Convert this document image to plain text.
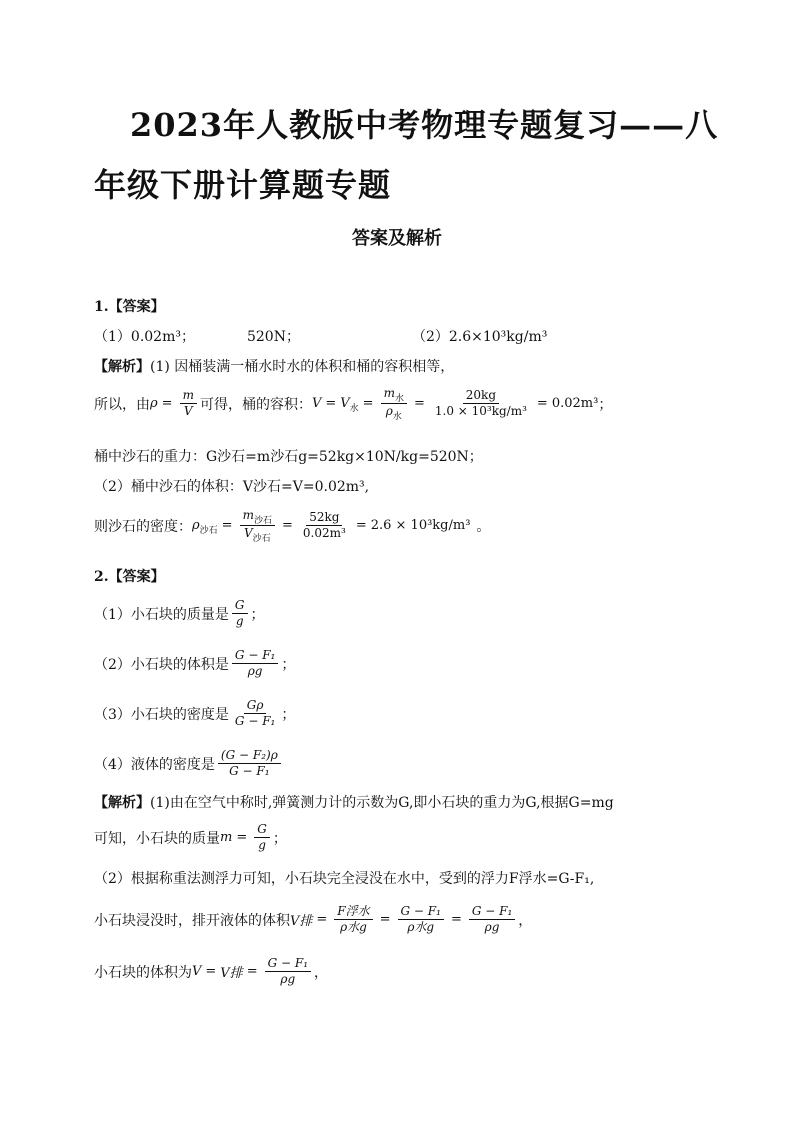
2023年人教版中考物理专题复习——八
年级下册计算题专题
答案及解析
1.【答案】
（1）0.02m³；	520N；	（2）2.6×10³kg/m³
【解析】 (1) 因桶装满一桶水时水的体积和桶的容积相等，
所以，由 $\rho = \frac{m}{V}$ 可得，桶的容积： V = V 水 = $\frac{m_水}{\rho_水} = \frac{20kg}{\text{1.0 × 10³kg/m³}} = 0.02m^3$ ；
桶中沙石的重力：G沙石=m沙石g=52kg×10N/kg=520N；
（2）桶中沙石的体积：V沙石=V=0.02m³,
则沙石的密度： ρ 沙石 = $\frac{m_{沙石}}{V_{沙石}} = \frac{52kg}{\text{0.02m³}} = 2.6 \times 10^3kg/m^3$ 。
2.【答案】
（1）小石块的质量是 $\frac{G}{g}$ ；
（2）小石块的体积是 $\frac{\text{G − F₁}}{\rho g}$ ；
（3）小石块的密度是 $\frac{G\rho}{\text{G − F₁}}$ ；
（4）液体的密度是 $\frac{\text{(G − F₂)ρ}}{\text{G − F₁}}$
【解析】 (1)由在空气中称时,弹簧测力计的示数为G,即小石块的重力为G,根据G=mg
可知，小石块的质量 $m = \frac{G}{g}$ ；
（2）根据称重法测浮力可知，小石块完全浸没在水中，受到的浮力F浮水=G-F₁,
小石块浸没时，排开液体的体积 V排 = $\frac{\text{F浮水}}{\text{ρ水g}} = \frac{\text{G − F₁}}{\text{ρ水g}} = \frac{\text{G − F₁}}{\rho g}$ ，
小石块的体积为 V = V排 = $\frac{\text{G − F₁}}{\rho g}$ ，
